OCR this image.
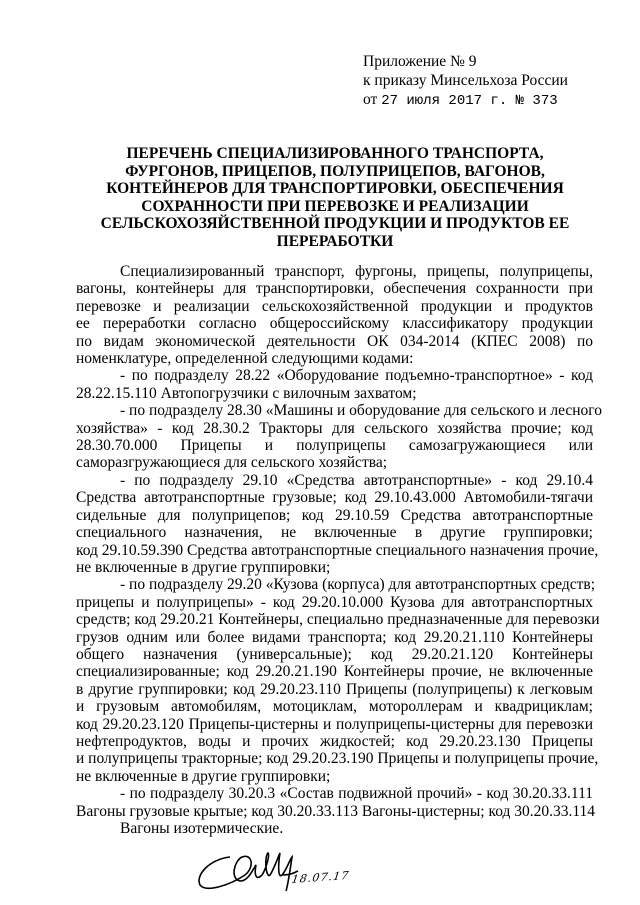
Приложение № 9
к приказу Минсельхоза России
от 27 июля 2017 г. № 373
ПЕРЕЧЕНЬ СПЕЦИАЛИЗИРОВАННОГО ТРАНСПОРТА,
ФУРГОНОВ, ПРИЦЕПОВ, ПОЛУПРИЦЕПОВ, ВАГОНОВ,
КОНТЕЙНЕРОВ ДЛЯ ТРАНСПОРТИРОВКИ, ОБЕСПЕЧЕНИЯ
СОХРАННОСТИ ПРИ ПЕРЕВОЗКЕ И РЕАЛИЗАЦИИ
СЕЛЬСКОХОЗЯЙСТВЕННОЙ ПРОДУКЦИИ И ПРОДУКТОВ ЕЕ
ПЕРЕРАБОТКИ
Специализированный транспорт, фургоны, прицепы, полуприцепы,
вагоны, контейнеры для транспортировки, обеспечения сохранности при
перевозке и реализации сельскохозяйственной продукции и продуктов
ее переработки согласно общероссийскому классификатору продукции
по видам экономической деятельности ОК 034-2014 (КПЕС 2008) по
номенклатуре, определенной следующими кодами:
- по подразделу 28.22 «Оборудование подъемно-транспортное» - код
28.22.15.110 Автопогрузчики с вилочным захватом;
- по подразделу 28.30 «Машины и оборудование для сельского и лесного
хозяйства» - код 28.30.2 Тракторы для сельского хозяйства прочие; код
28.30.70.000 Прицепы и полуприцепы самозагружающиеся или
саморазгружающиеся для сельского хозяйства;
- по подразделу 29.10 «Средства автотранспортные» - код 29.10.4
Средства автотранспортные грузовые; код 29.10.43.000 Автомобили-тягачи
сидельные для полуприцепов; код 29.10.59 Средства автотранспортные
специального назначения, не включенные в другие группировки;
код 29.10.59.390 Средства автотранспортные специального назначения прочие,
не включенные в другие группировки;
- по подразделу 29.20 «Кузова (корпуса) для автотранспортных средств;
прицепы и полуприцепы» - код 29.20.10.000 Кузова для автотранспортных
средств; код 29.20.21 Контейнеры, специально предназначенные для перевозки
грузов одним или более видами транспорта; код 29.20.21.110 Контейнеры
общего назначения (универсальные); код 29.20.21.120 Контейнеры
специализированные; код 29.20.21.190 Контейнеры прочие, не включенные
в другие группировки; код 29.20.23.110 Прицепы (полуприцепы) к легковым
и грузовым автомобилям, мотоциклам, мотороллерам и квадрициклам;
код 29.20.23.120 Прицепы-цистерны и полуприцепы-цистерны для перевозки
нефтепродуктов, воды и прочих жидкостей; код 29.20.23.130 Прицепы
и полуприцепы тракторные; код 29.20.23.190 Прицепы и полуприцепы прочие,
не включенные в другие группировки;
- по подразделу 30.20.3 «Состав подвижной прочий» - код 30.20.33.111
Вагоны грузовые крытые; код 30.20.33.113 Вагоны-цистерны; код 30.20.33.114
Вагоны изотермические.
18.07.17
